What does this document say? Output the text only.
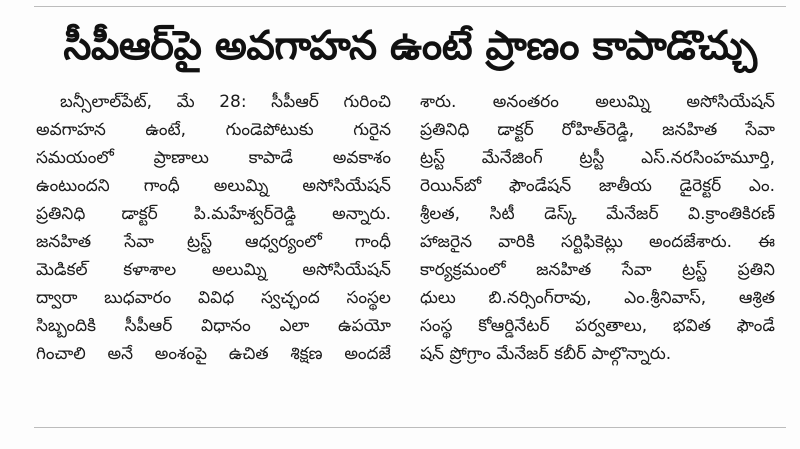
సీపీఆర్‌పై అవగాహన ఉంటే ప్రాణం కాపాడొచ్చు
బన్సీలాల్‌పేట్‌, మే 28: సీపీఆర్‌ గురించి
అవగాహన ఉంటే, గుండెపోటుకు గురైన
సమయంలో ప్రాణాలు కాపాడే అవకాశం
ఉంటుందని గాంధీ అలుమ్ని అసోసియేషన్‌
ప్రతినిధి డాక్టర్‌ పి.మహేశ్వర్‌రెడ్డి అన్నారు.
జనహిత సేవా ట్రస్ట్‌ ఆధ్వర్యంలో గాంధీ
మెడికల్‌ కళాశాల అలుమ్ని అసోసియేషన్‌
ద్వారా బుధవారం వివిధ స్వచ్ఛంద సంస్థల
సిబ్బందికి సీపీఆర్‌ విధానం ఎలా ఉపయో
గించాలి అనే అంశంపై ఉచిత శిక్షణ అందజే
శారు. అనంతరం అలుమ్ని అసోసియేషన్‌
ప్రతినిధి డాక్టర్‌ రోహిత్‌రెడ్డి, జనహిత సేవా
ట్రస్ట్‌ మేనేజింగ్‌ ట్రస్టీ ఎస్‌.నరసింహమూర్తి,
రెయిన్‌బో ఫౌండేషన్‌ జాతీయ డైరెక్టర్‌ ఎం.
శ్రీలత, సిటీ డెస్క్‌ మేనేజర్‌ వి.క్రాంతికిరణ్‌
హాజరైన వారికి సర్టిఫికెట్లు అందజేశారు. ఈ
కార్యక్రమంలో జనహిత సేవా ట్రస్ట్‌ ప్రతిని
ధులు బి.నర్సింగ్‌రావు, ఎం.శ్రీనివాస్‌, ఆశ్రిత
సంస్థ కోఆర్డినేటర్‌ పర్వతాలు, భవిత ఫౌండే
షన్‌ ప్రోగ్రాం మేనేజర్‌ కబీర్‌ పాల్గొన్నారు.
